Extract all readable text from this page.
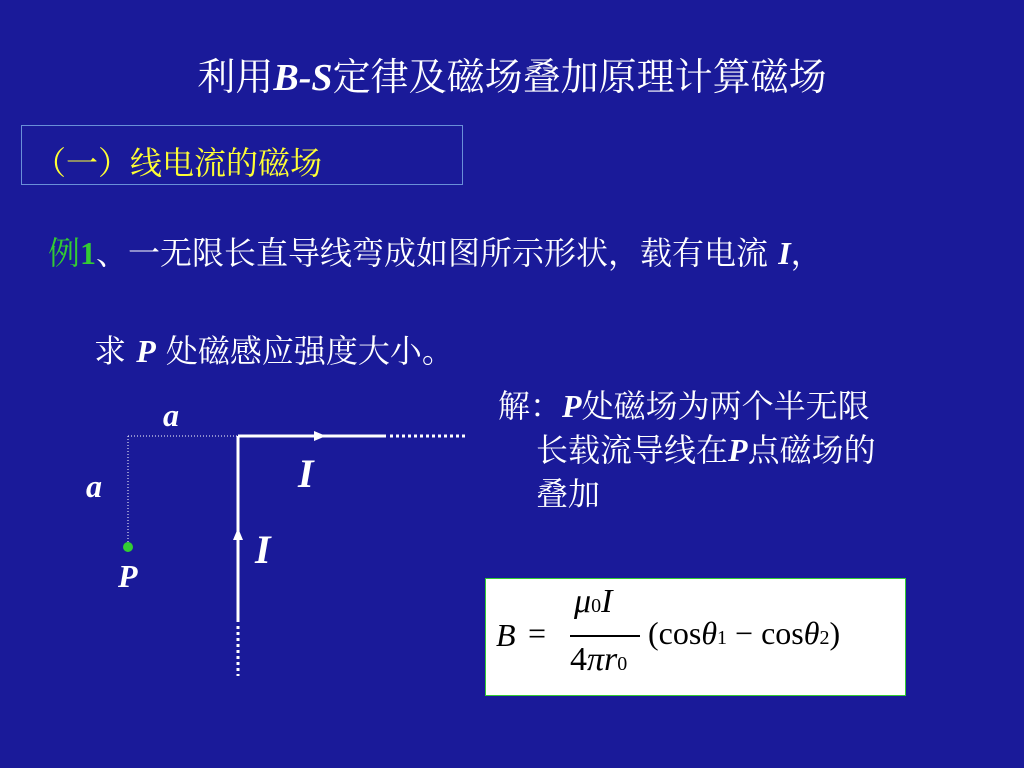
利用B-S定律及磁场叠加原理计算磁场
（一）线电流的磁场
例1、一无限长直导线弯成如图所示形状，载有电流 I，
求 P 处磁感应强度大小。
解：P处磁场为两个半无限
长载流导线在P点磁场的
叠加
a
a
P
I
I
B =
μ0I
4πr0
(cosθ1 − cosθ2)
